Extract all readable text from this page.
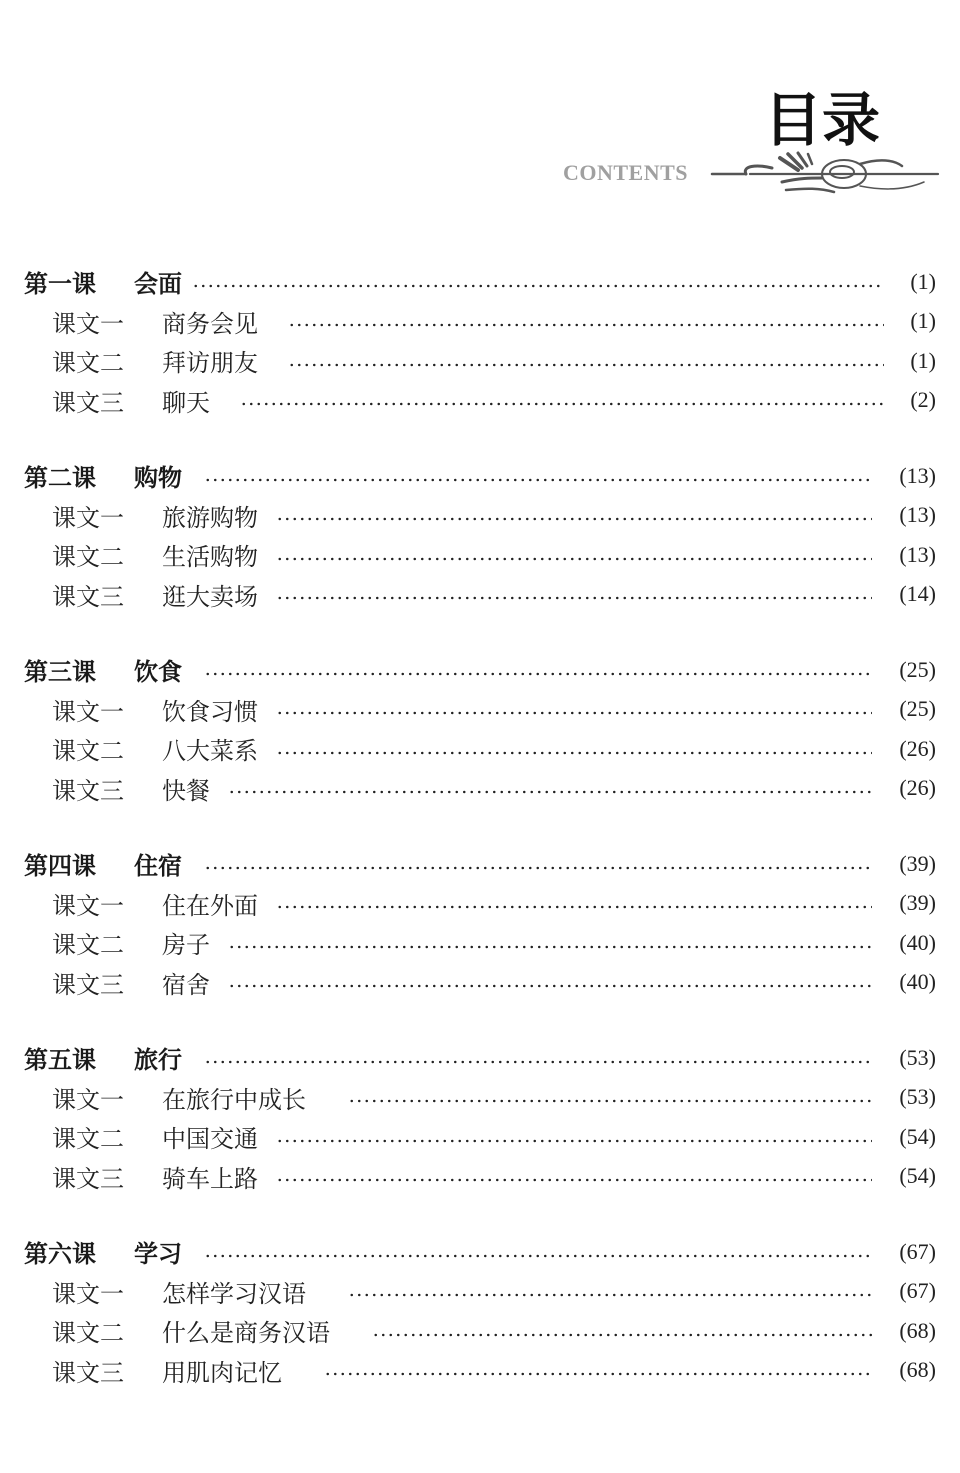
目录
CONTENTS
第一课 会面	(1)
课文一 商务会见	(1)
课文二 拜访朋友	(1)
课文三 聊天	(2)
第二课 购物	(13)
课文一 旅游购物	(13)
课文二 生活购物	(13)
课文三 逛大卖场	(14)
第三课 饮食	(25)
课文一 饮食习惯	(25)
课文二 八大菜系	(26)
课文三 快餐	(26)
第四课 住宿	(39)
课文一 住在外面	(39)
课文二 房子	(40)
课文三 宿舍	(40)
第五课 旅行	(53)
课文一 在旅行中成长	(53)
课文二 中国交通	(54)
课文三 骑车上路	(54)
第六课 学习	(67)
课文一 怎样学习汉语	(67)
课文二 什么是商务汉语	(68)
课文三 用肌肉记忆	(68)
